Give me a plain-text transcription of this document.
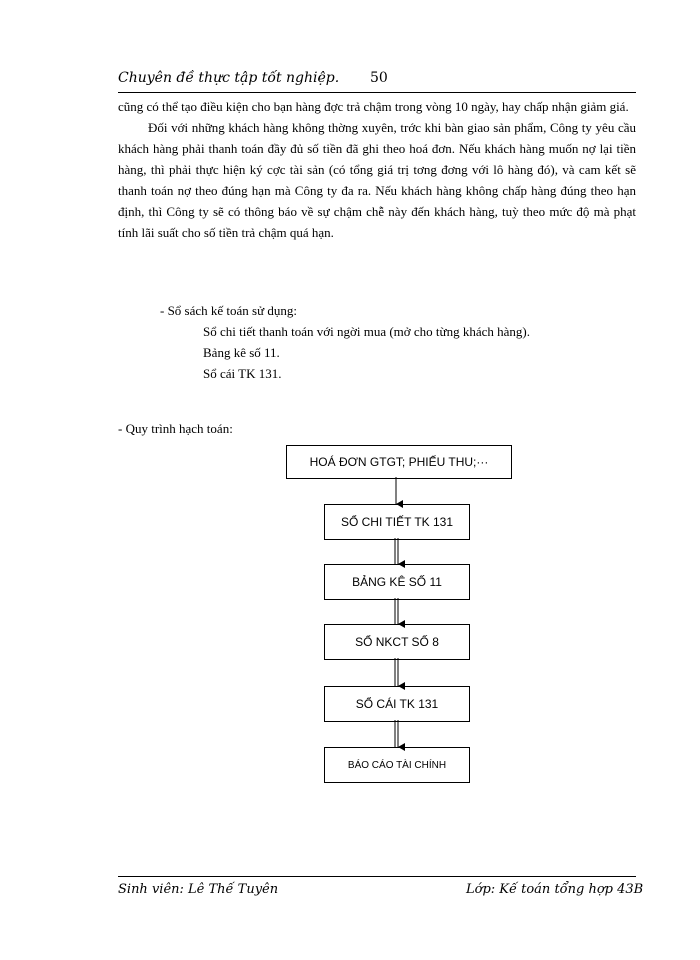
Chuyên đề thực tập tốt nghiệp. 50

cũng có thể tạo điều kiện cho bạn hàng đợc trả chậm trong vòng 10 ngày, hay chấp nhận giảm giá.

Đối với những khách hàng không thờng xuyên, trớc khi bàn giao sản phẩm, Công ty yêu cầu khách hàng phải thanh toán đầy đủ số tiền đã ghi theo hoá đơn. Nếu khách hàng muốn nợ lại tiền hàng, thì phải thực hiện ký cợc tài sản (có tổng giá trị tơng đơng với lô hàng đó), và cam kết sẽ thanh toán nợ theo đúng hạn mà Công ty đa ra. Nếu khách hàng không chấp hàng đúng theo hạn định, thì Công ty sẽ có thông báo về sự chậm chễ này đến khách hàng, tuỳ theo mức độ mà phạt tính lãi suất cho số tiền trả chậm quá hạn.

- Sổ sách kế toán sử dụng:
Sổ chi tiết thanh toán với ngời mua (mở cho từng khách hàng).
Bảng kê số 11.
Sổ cái TK 131.
- Quy trình hạch toán:
HOÁ ĐƠN GTGT; PHIẾU THU;···
SỔ CHI TIẾT TK 131
BẢNG KÊ SỐ 11
SỔ NKCT SỐ 8
SỔ CÁI TK 131
BÁO CÁO TÀI CHÍNH
Sinh viên: Lê Thế Tuyên	Lớp: Kế toán tổng hợp 43B
